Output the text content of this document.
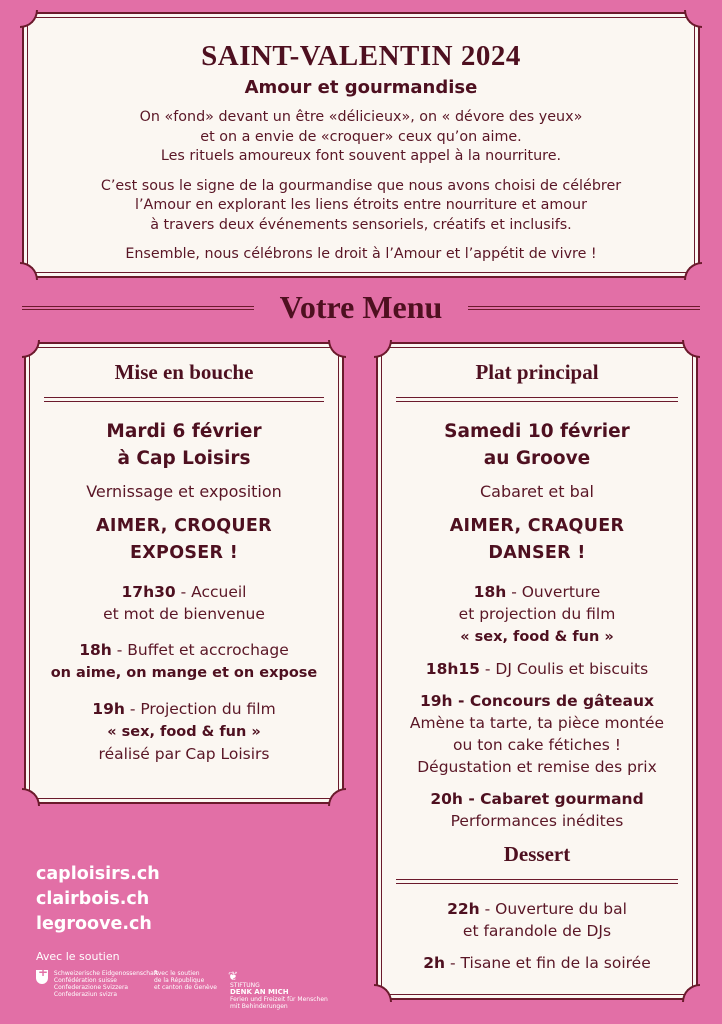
SAINT-VALENTIN 2024
Amour et gourmandise

On «fond» devant un être «délicieux», on « dévore des yeux»
et on a envie de «croquer» ceux qu’on aime.
Les rituels amoureux font souvent appel à la nourriture.

C’est sous le signe de la gourmandise que nous avons choisi de célébrer
l’Amour en explorant les liens étroits entre nourriture et amour
à travers deux événements sensoriels, créatifs et inclusifs.

Ensemble, nous célébrons le droit à l’Amour et l’appétit de vivre !

Votre Menu
Mise en bouche
Mardi 6 février
à Cap Loisirs
Vernissage et exposition
AIMER, CROQUER
EXPOSER !
17h30 - Accueil
et mot de bienvenue
18h - Buffet et accrochage
on aime, on mange et on expose
19h - Projection du film
« sex, food & fun »
réalisé par Cap Loisirs
Plat principal
Samedi 10 février
au Groove
Cabaret et bal
AIMER, CRAQUER
DANSER !
18h - Ouverture
et projection du film
« sex, food & fun »
18h15 - DJ Coulis et biscuits
19h - Concours de gâteaux
Amène ta tarte, ta pièce montée
ou ton cake fétiches !
Dégustation et remise des prix
20h - Cabaret gourmand
Performances inédites
Dessert
22h - Ouverture du bal
et farandole de DJs
2h - Tisane et fin de la soirée
caploisirs.ch
clairbois.ch
legroove.ch
Avec le soutien
+ Schweizerische Eidgenossenschaft
Confédération suisse
Confederazione Svizzera
Confederaziun svizra
Avec le soutien
de la République
et canton de Genève
❦ STIFTUNG
DENK AN MICH
Ferien und Freizeit für Menschen
mit Behinderungen
